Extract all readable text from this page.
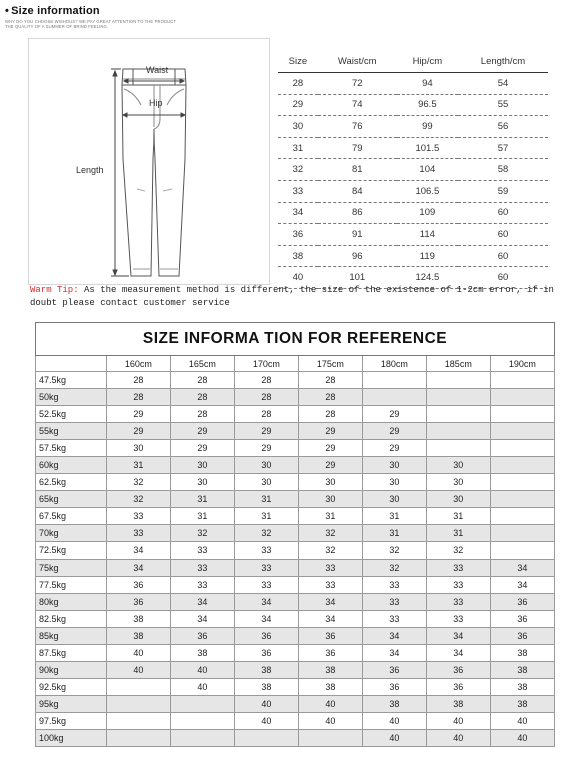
• Size information
WHY DO YOU CHOOSE WISHOUS? WE PAY GREAT ATTENTION TO THE PRODUCT
THE QUALITY OF A SUMMER OF BRIND FEELING.
Waist
Hip
Length
Size	Waist/cm	Hip/cm	Length/cm
28	72	94	54
29	74	96.5	55
30	76	99	56
31	79	101.5	57
32	81	104	58
33	84	106.5	59
34	86	109	60
36	91	114	60
38	96	119	60
40	101	124.5	60
Warm Tip: As the measurement method is different, the size of the existence of 1-2cm error, if in doubt please contact customer service
SIZE INFORMA TION FOR REFERENCE							
	160cm	165cm	170cm	175cm	180cm	185cm	190cm
47.5kg	28	28	28	28			
50kg	28	28	28	28			
52.5kg	29	28	28	28	29		
55kg	29	29	29	29	29		
57.5kg	30	29	29	29	29		
60kg	31	30	30	29	30	30	
62.5kg	32	30	30	30	30	30	
65kg	32	31	31	30	30	30	
67.5kg	33	31	31	31	31	31	
70kg	33	32	32	32	31	31	
72.5kg	34	33	33	32	32	32	
75kg	34	33	33	33	32	33	34
77.5kg	36	33	33	33	33	33	34
80kg	36	34	34	34	33	33	36
82.5kg	38	34	34	34	33	33	36
85kg	38	36	36	36	34	34	36
87.5kg	40	38	36	36	34	34	38
90kg	40	40	38	38	36	36	38
92.5kg		40	38	38	36	36	38
95kg			40	40	38	38	38
97.5kg			40	40	40	40	40
100kg					40	40	40
